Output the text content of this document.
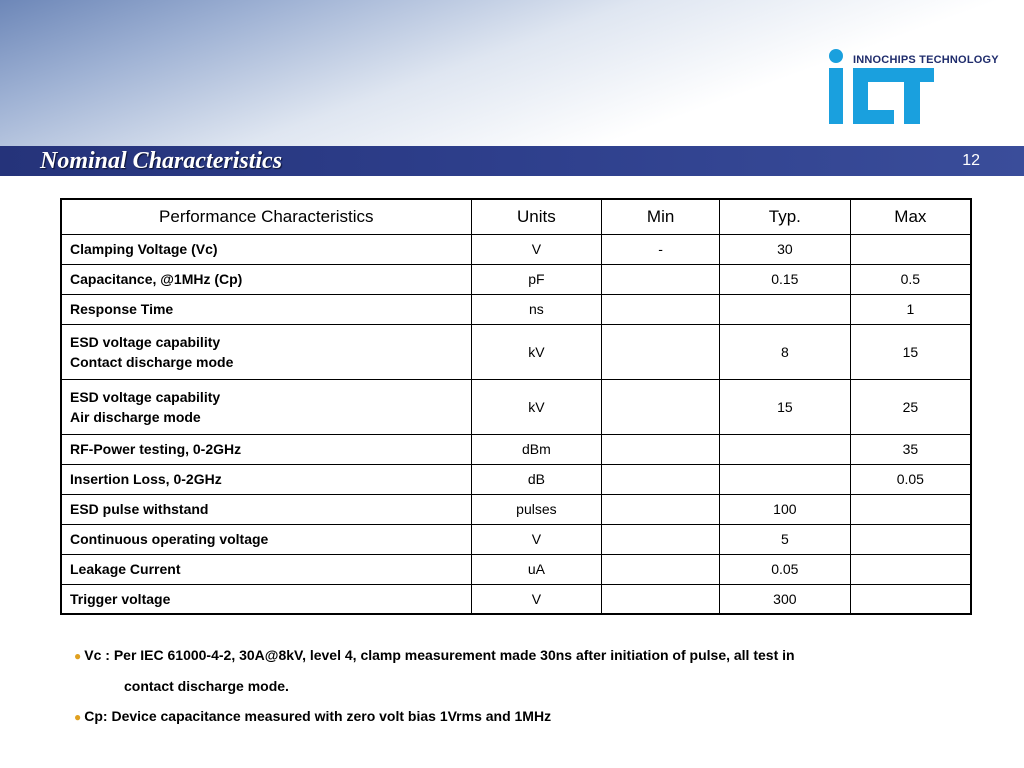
INNOCHIPS TECHNOLOGY
Nominal Characteristics	12
Performance Characteristics	Units	Min	Typ.	Max
Clamping Voltage (Vc)	V	-	30	
Capacitance, @1MHz (Cp)	pF		0.15	0.5
Response Time	ns			1
ESD voltage capability
Contact discharge mode	kV		8	15
ESD voltage capability
Air discharge mode	kV		15	25
RF-Power testing, 0-2GHz	dBm			35
Insertion Loss, 0-2GHz	dB			0.05
ESD pulse withstand	pulses		100	
Continuous operating voltage	V		5	
Leakage Current	uA		0.05	
Trigger voltage	V		300	
● Vc : Per IEC 61000-4-2, 30A@8kV, level 4, clamp measurement made 30ns after initiation of pulse, all test in
contact discharge mode.
● Cp: Device capacitance measured with zero volt bias 1Vrms and 1MHz
